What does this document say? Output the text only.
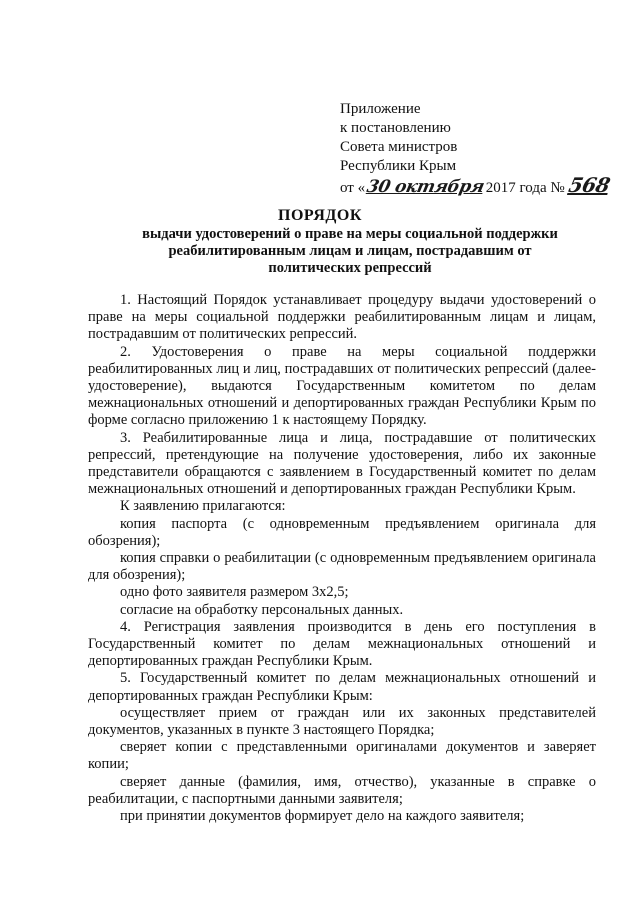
Приложение
к постановлению
Совета министров
Республики Крым
от «30 октября2017 года №568
ПОРЯДОК
выдачи удостоверений о праве на меры социальной поддержки реабилитированным лицам и лицам, пострадавшим от политических репрессий

1. Настоящий Порядок устанавливает процедуру выдачи удостоверений о праве на меры социальной поддержки реабилитированным лицам и лицам, пострадавшим от политических репрессий.

2. Удостоверения о праве на меры социальной поддержки реабилитированных лиц и лиц, пострадавших от политических репрессий (далее-удостоверение), выдаются Государственным комитетом по делам межнациональных отношений и депортированных граждан Республики Крым по форме согласно приложению 1 к настоящему Порядку.

3. Реабилитированные лица и лица, пострадавшие от политических репрессий, претендующие на получение удостоверения, либо их законные представители обращаются с заявлением в Государственный комитет по делам межнациональных отношений и депортированных граждан Республики Крым.

К заявлению прилагаются:

копия паспорта (с одновременным предъявлением оригинала для обозрения);

копия справки о реабилитации (с одновременным предъявлением оригинала для обозрения);

одно фото заявителя размером 3х2,5;

согласие на обработку персональных данных.

4. Регистрация заявления производится в день его поступления в Государственный комитет по делам межнациональных отношений и депортированных граждан Республики Крым.

5. Государственный комитет по делам межнациональных отношений и депортированных граждан Республики Крым:

осуществляет прием от граждан или их законных представителей документов, указанных в пункте 3 настоящего Порядка;

сверяет копии с представленными оригиналами документов и заверяет копии;

сверяет данные (фамилия, имя, отчество), указанные в справке о реабилитации, с паспортными данными заявителя;

при принятии документов формирует дело на каждого заявителя;
